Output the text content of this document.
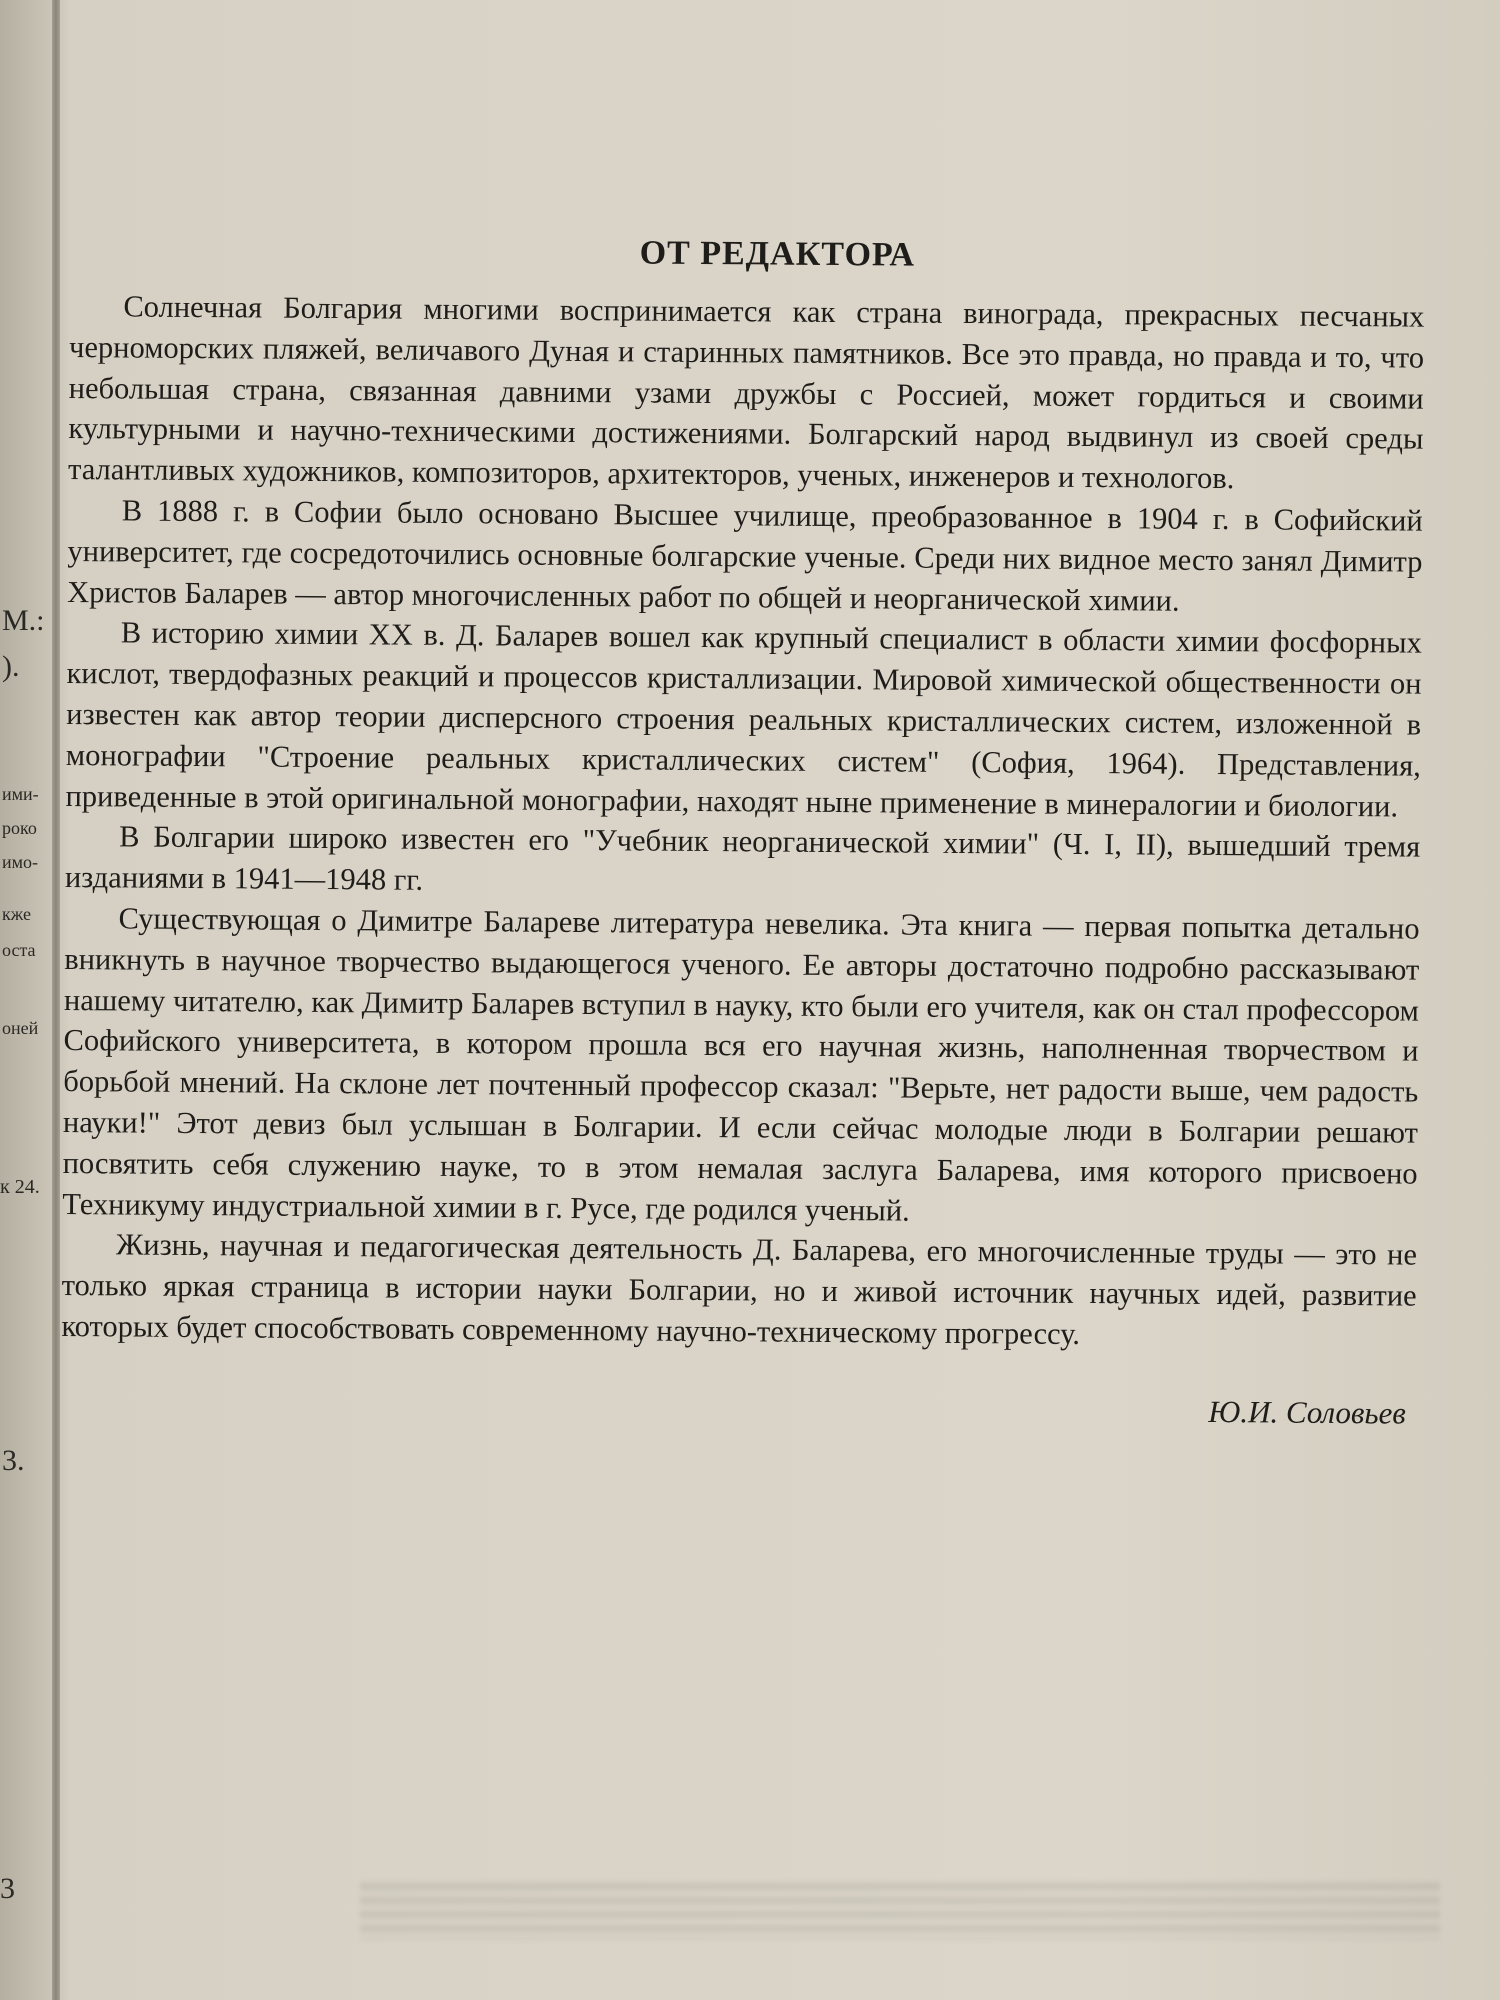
М.:
).
ими-
роко
имо-
кже
оста
оней
к 24.
3.
3
ОТ РЕДАКТОРА

Солнечная Болгария многими воспринимается как страна винограда, прекрасных песчаных черноморских пляжей, величавого Дуная и старинных памятников. Все это правда, но правда и то, что небольшая страна, связанная давними узами дружбы с Россией, может гордиться и своими культурными и научно-техническими достижениями. Болгарский народ выдвинул из своей среды талантливых художников, композиторов, архитекторов, ученых, инженеров и технологов.

В 1888 г. в Софии было основано Высшее училище, преобразованное в 1904 г. в Софийский университет, где сосредоточились основные болгарские ученые. Среди них видное место занял Димитр Христов Баларев — автор многочисленных работ по общей и неорганической химии.

В историю химии XX в. Д. Баларев вошел как крупный специалист в области химии фосфорных кислот, твердофазных реакций и процессов кристаллизации. Мировой химической общественности он известен как автор теории дисперсного строения реальных кристаллических систем, изложенной в монографии "Строение реальных кристаллических систем" (София, 1964). Представления, приведенные в этой оригинальной монографии, находят ныне применение в минералогии и биологии.

В Болгарии широко известен его "Учебник неорганической химии" (Ч. I, II), вышедший тремя изданиями в 1941—1948 гг.

Существующая о Димитре Балареве литература невелика. Эта книга — первая попытка детально вникнуть в научное творчество выдающегося ученого. Ее авторы достаточно подробно рассказывают нашему читателю, как Димитр Баларев вступил в науку, кто были его учителя, как он стал профессором Софийского университета, в котором прошла вся его научная жизнь, наполненная творчеством и борьбой мнений. На склоне лет почтенный профессор сказал: "Верьте, нет радости выше, чем радость науки!" Этот девиз был услышан в Болгарии. И если сейчас молодые люди в Болгарии решают посвятить себя служению науке, то в этом немалая заслуга Баларева, имя которого присвоено Техникуму индустриальной химии в г. Русе, где родился ученый.

Жизнь, научная и педагогическая деятельность Д. Баларева, его многочисленные труды — это не только яркая страница в истории науки Болгарии, но и живой источник научных идей, развитие которых будет способствовать современному научно-техническому прогрессу.

Ю.И. Соловьев
